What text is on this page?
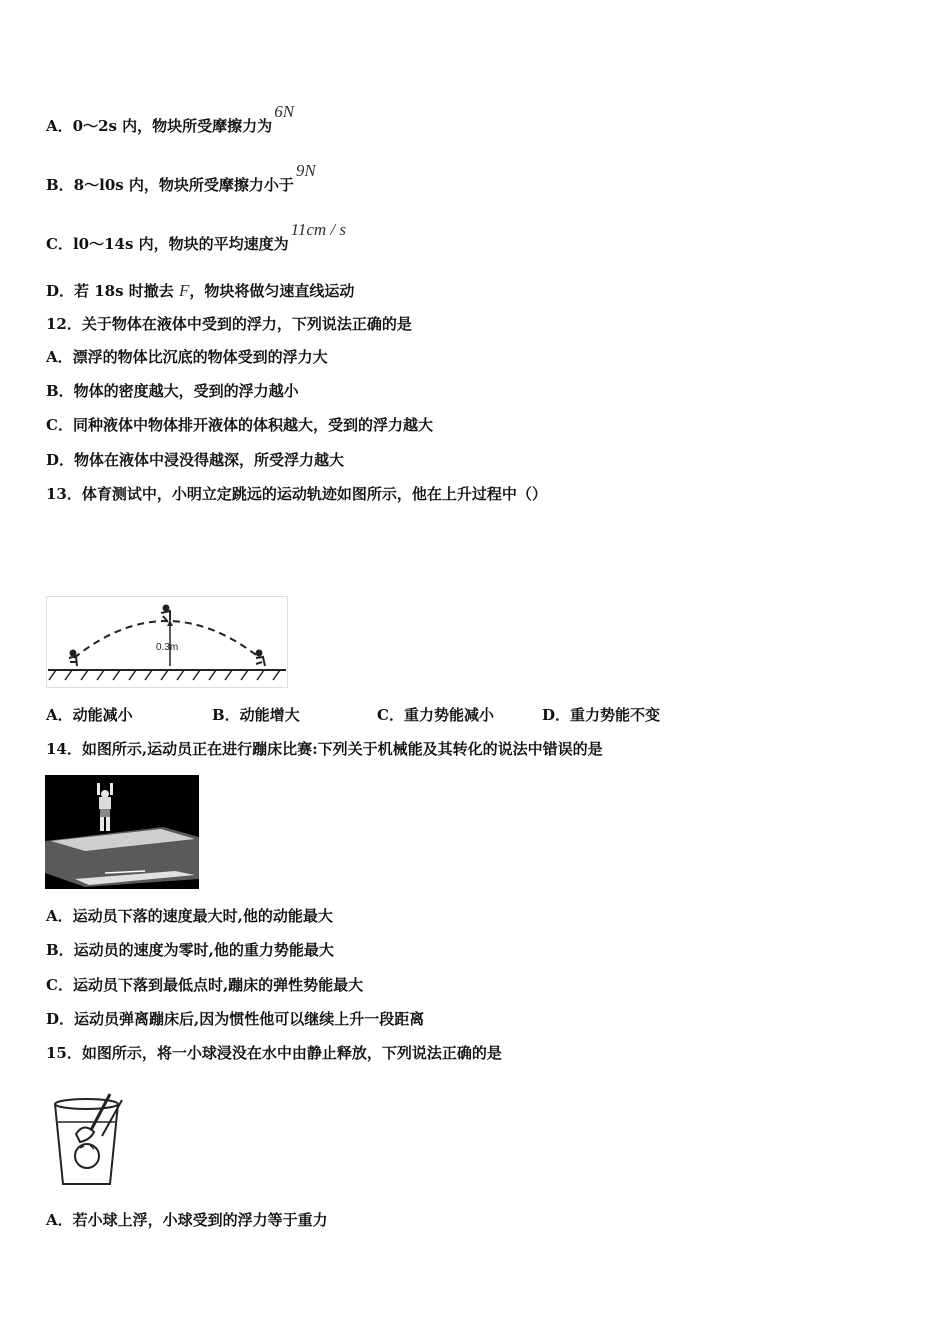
A．0～2s 内，物块所受摩擦力为6N
B．8～l0s 内，物块所受摩擦力小于9N
C．l0～14s 内，物块的平均速度为11cm / s
D．若 18s 时撤去 F，物块将做匀速直线运动
12．关于物体在液体中受到的浮力，下列说法正确的是
A．漂浮的物体比沉底的物体受到的浮力大
B．物体的密度越大，受到的浮力越小
C．同种液体中物体排开液体的体积越大，受到的浮力越大
D．物体在液体中浸没得越深，所受浮力越大
13．体育测试中，小明立定跳远的运动轨迹如图所示，他在上升过程中（）
0.3m
A．动能减小	B．动能增大	C．重力势能减小	D．重力势能不变
14．如图所示,运动员正在进行蹦床比赛:下列关于机械能及其转化的说法中错误的是
A．运动员下落的速度最大时,他的动能最大
B．运动员的速度为零时,他的重力势能最大
C．运动员下落到最低点时,蹦床的弹性势能最大
D．运动员弹离蹦床后,因为惯性他可以继续上升一段距离
15．如图所示，将一小球浸没在水中由静止释放，下列说法正确的是
A．若小球上浮，小球受到的浮力等于重力
